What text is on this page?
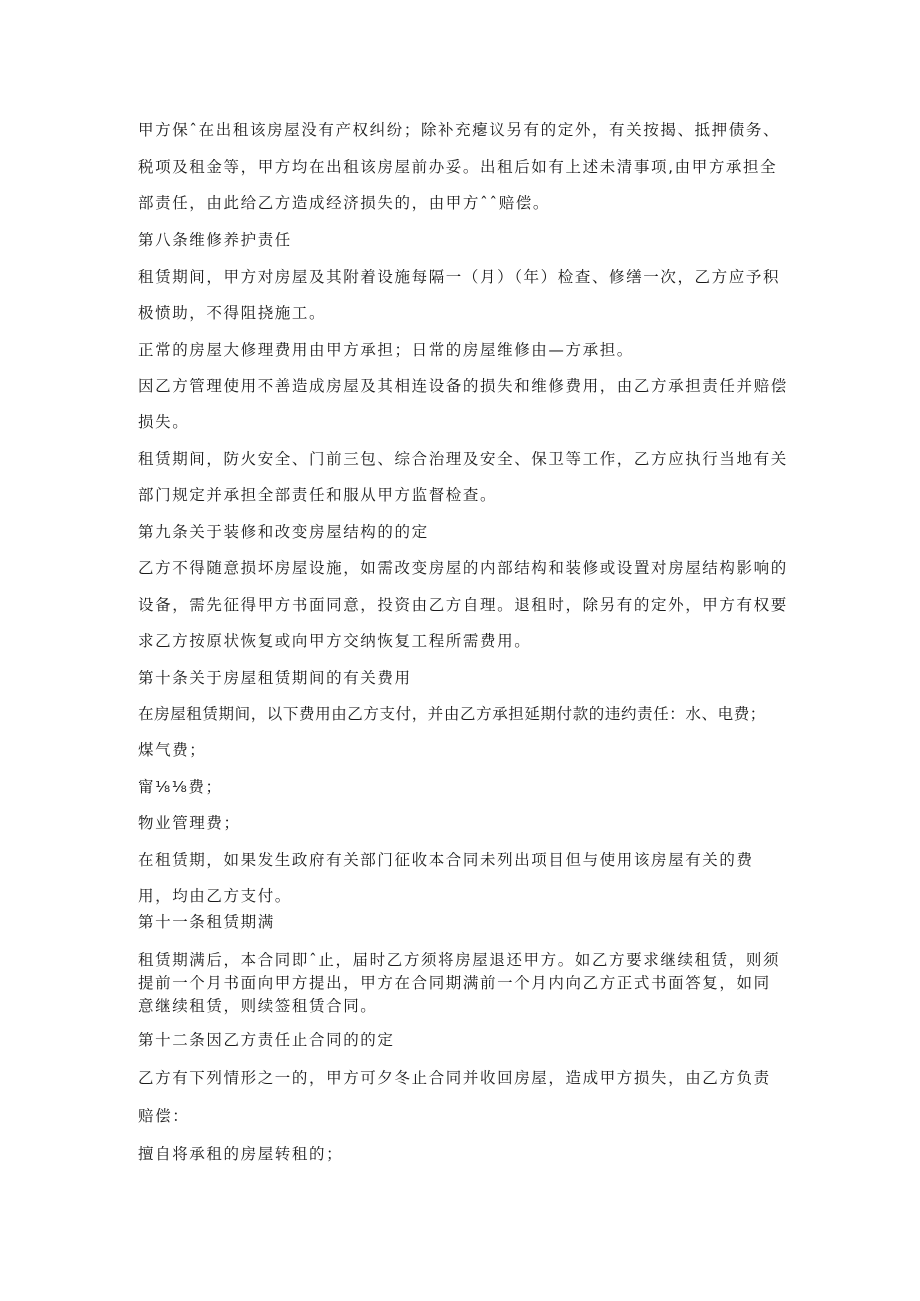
甲方保ˆ在出租该房屋没有产权纠纷；除补充瘪议另有的定外，有关按揭、抵押债务、

税项及租金等，甲方均在出租该房屋前办妥。出租后如有上述未清事项,由甲方承担全

部责任，由此给乙方造成经济损失的，由甲方ˆˆ赔偿。

第八条维修养护责任

租赁期间，甲方对房屋及其附着设施每隔一（月）（年）检查、修缮一次，乙方应予积

极愤助，不得阻挠施工。

正常的房屋大修理费用由甲方承担；日常的房屋维修由—方承担。

因乙方管理使用不善造成房屋及其相连设备的损失和维修费用，由乙方承担责任并赔偿

损失。

租赁期间，防火安全、门前三包、综合治理及安全、保卫等工作，乙方应执行当地有关

部门规定并承担全部责任和服从甲方监督检查。

第九条关于装修和改变房屋结构的的定

乙方不得随意损坏房屋设施，如需改变房屋的内部结构和装修或设置对房屋结构影响的

设备，需先征得甲方书面同意，投资由乙方自理。退租时，除另有的定外，甲方有权要

求乙方按原状恢复或向甲方交纳恢复工程所需费用。

第十条关于房屋租赁期间的有关费用

在房屋租赁期间，以下费用由乙方支付，并由乙方承担延期付款的违约责任：水、电费；

煤气费；

甯⅛⅛费；

物业管理费；

在租赁期，如果发生政府有关部门征收本合同未列出项目但与使用该房屋有关的费

用，均由乙方支付。

第十一条租赁期满

租赁期满后，本合同即ˆ止，届时乙方须将房屋退还甲方。如乙方要求继续租赁，则须

提前一个月书面向甲方提出，甲方在合同期满前一个月内向乙方正式书面答复，如同

意继续租赁，则续签租赁合同。

第十二条因乙方责任止合同的的定

乙方有下列情形之一的，甲方可夕冬止合同并收回房屋，造成甲方损失，由乙方负责

赔偿：

擅自将承租的房屋转租的；
